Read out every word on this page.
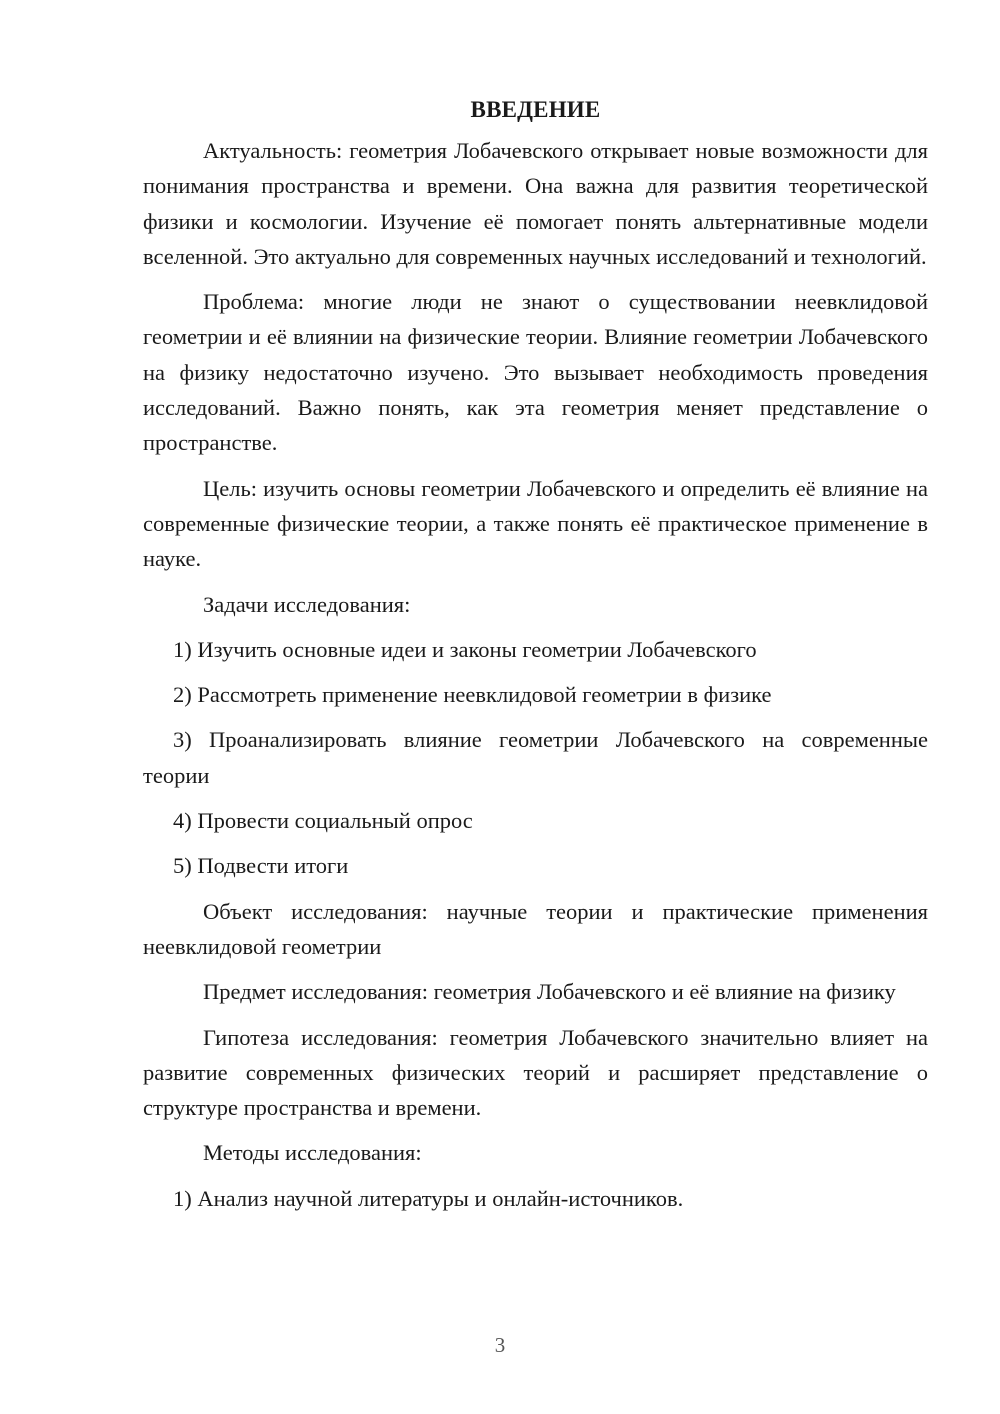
ВВЕДЕНИЕ

Актуальность: геометрия Лобачевского открывает новые возможности для понимания пространства и времени. Она важна для развития теоретической физики и космологии. Изучение её помогает понять альтернативные модели вселенной. Это актуально для современных научных исследований и технологий.

Проблема: многие люди не знают о существовании неевклидовой геометрии и её влиянии на физические теории. Влияние геометрии Лобачевского на физику недостаточно изучено. Это вызывает необходимость проведения исследований. Важно понять, как эта геометрия меняет представление о пространстве.

Цель: изучить основы геометрии Лобачевского и определить её влияние на современные физические теории, а также понять её практическое применение в науке.

Задачи исследования:

1) Изучить основные идеи и законы геометрии Лобачевского

2) Рассмотреть применение неевклидовой геометрии в физике

3) Проанализировать влияние геометрии Лобачевского на современные теории

4) Провести социальный опрос

5) Подвести итоги

Объект исследования: научные теории и практические применения неевклидовой геометрии

Предмет исследования: геометрия Лобачевского и её влияние на физику

Гипотеза исследования: геометрия Лобачевского значительно влияет на развитие современных физических теорий и расширяет представление о структуре пространства и времени.

Методы исследования:

1) Анализ научной литературы и онлайн-источников.

3
